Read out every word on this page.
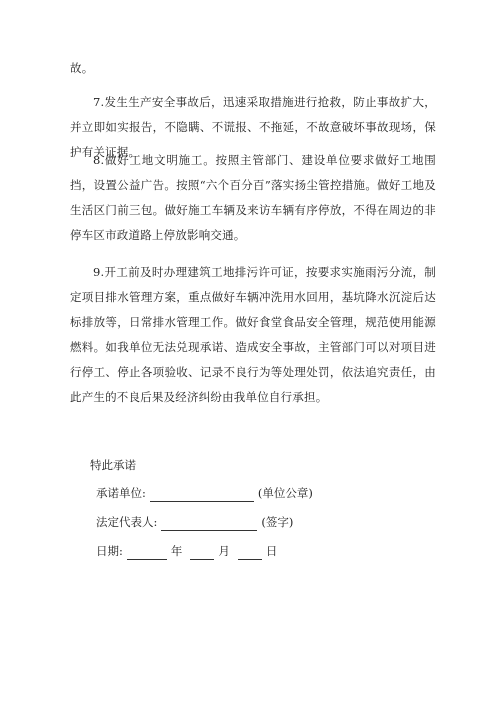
故。

7.发生生产安全事故后，迅速采取措施进行抢救，防止事故扩大，并立即如实报告，不隐瞒、不谎报、不拖延，不故意破坏事故现场，保护有关证据。

8.做好工地文明施工。按照主管部门、建设单位要求做好工地围挡，设置公益广告。按照“六个百分百”落实扬尘管控措施。做好工地及生活区门前三包。做好施工车辆及来访车辆有序停放，不得在周边的非停车区市政道路上停放影响交通。

9.开工前及时办理建筑工地排污许可证，按要求实施雨污分流，制定项目排水管理方案，重点做好车辆冲洗用水回用，基坑降水沉淀后达标排放等，日常排水管理工作。做好食堂食品安全管理，规范使用能源燃料。如我单位无法兑现承诺、造成安全事故，主管部门可以对项目进行停工、停止各项验收、记录不良行为等处理处罚，依法追究责任，由此产生的不良后果及经济纠纷由我单位自行承担。

特此承诺
承诺单位:	(单位公章)
法定代表人:	(签字)
日期:	年	月	日
